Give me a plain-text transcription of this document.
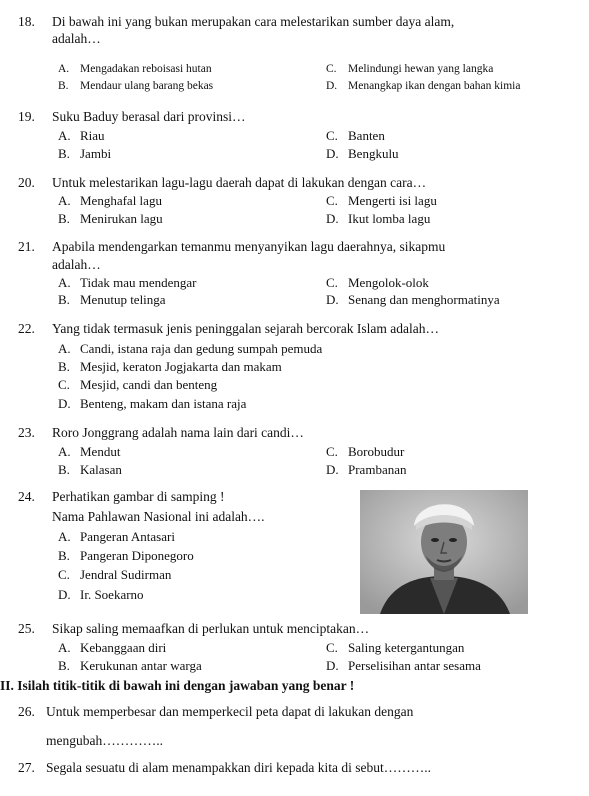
18. Di bawah ini yang bukan merupakan cara melestarikan sumber daya alam,
adalah…
A. Mengadakan reboisasi hutan	C. Melindungi hewan yang langka
B. Mendaur ulang barang bekas	D. Menangkap ikan dengan bahan kimia
19. Suku Baduy berasal dari provinsi…
A. Riau	C. Banten
B. Jambi	D. Bengkulu
20. Untuk melestarikan lagu-lagu daerah dapat di lakukan dengan cara…
A. Menghafal lagu	C. Mengerti isi lagu
B. Menirukan lagu	D. Ikut lomba lagu
21. Apabila mendengarkan temanmu menyanyikan lagu daerahnya, sikapmu
adalah…
A. Tidak mau mendengar	C. Mengolok-olok
B. Menutup telinga	D. Senang dan menghormatinya
22. Yang tidak termasuk jenis peninggalan sejarah bercorak Islam adalah…
A. Candi, istana raja dan gedung sumpah pemuda
B. Mesjid, keraton Jogjakarta dan makam
C. Mesjid, candi dan benteng
D. Benteng, makam dan istana raja
23. Roro Jonggrang adalah nama lain dari candi…
A. Mendut	C. Borobudur
B. Kalasan	D. Prambanan
24. Perhatikan gambar di samping !
Nama Pahlawan Nasional ini adalah….
A. Pangeran Antasari
B. Pangeran Diponegoro
C. Jendral Sudirman
D. Ir. Soekarno
25. Sikap saling memaafkan di perlukan untuk menciptakan…
A. Kebanggaan diri	C. Saling ketergantungan
B. Kerukunan antar warga	D. Perselisihan antar sesama
II. Isilah titik-titik di bawah ini dengan jawaban yang benar !
26. Untuk memperbesar dan memperkecil peta dapat di lakukan dengan
mengubah…………..
27. Segala sesuatu di alam menampakkan diri kepada kita di sebut………..
